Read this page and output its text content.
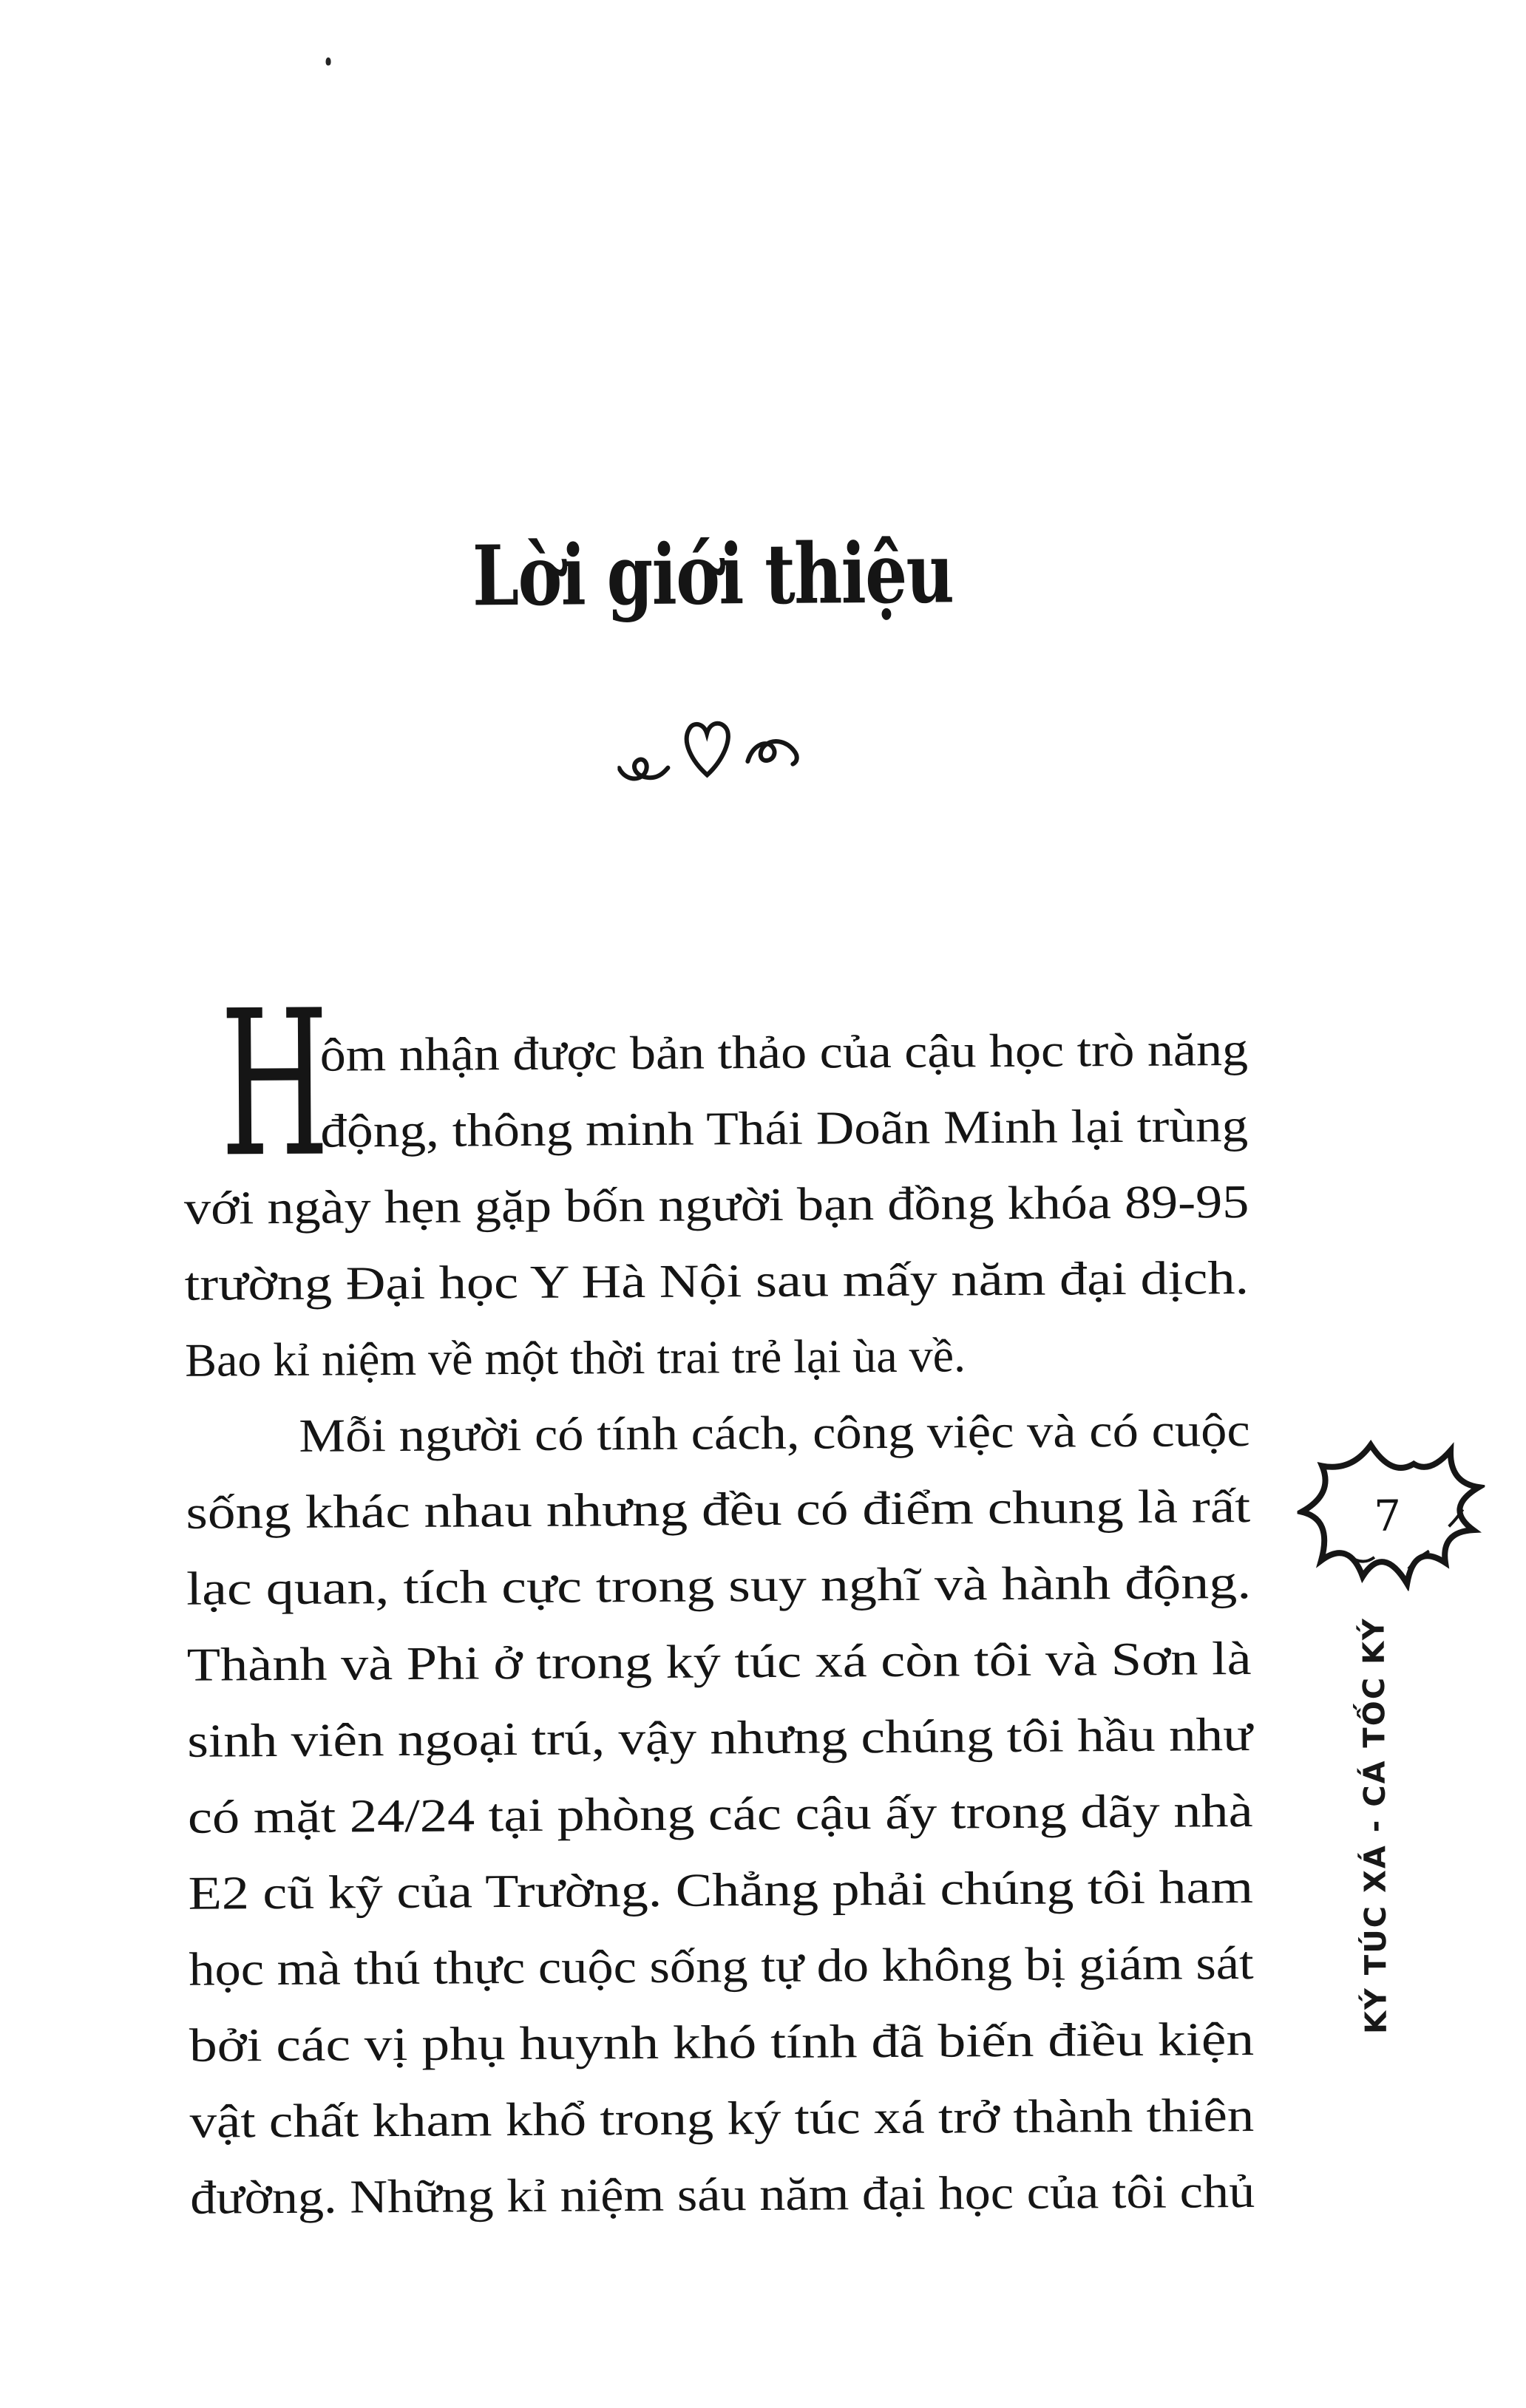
Lời giới thiệu
H
ôm nhận được bản thảo của cậu học trò năng
động, thông minh Thái Doãn Minh lại trùng
với ngày hẹn gặp bốn người bạn đồng khóa 89-95
trường Đại học Y Hà Nội sau mấy năm đại dịch.
Bao kỉ niệm về một thời trai trẻ lại ùa về.
Mỗi người có tính cách, công việc và có cuộc
sống khác nhau nhưng đều có điểm chung là rất
lạc quan, tích cực trong suy nghĩ và hành động.
Thành và Phi ở trong ký túc xá còn tôi và Sơn là
sinh viên ngoại trú, vậy nhưng chúng tôi hầu như
có mặt 24/24 tại phòng các cậu ấy trong dãy nhà
E2 cũ kỹ của Trường. Chẳng phải chúng tôi ham
học mà thú thực cuộc sống tự do không bị giám sát
bởi các vị phụ huynh khó tính đã biến điều kiện
vật chất kham khổ trong ký túc xá trở thành thiên
đường. Những kỉ niệm sáu năm đại học của tôi chủ
7
KÝ TÚC XÁ - CÁ TỐC KÝ
